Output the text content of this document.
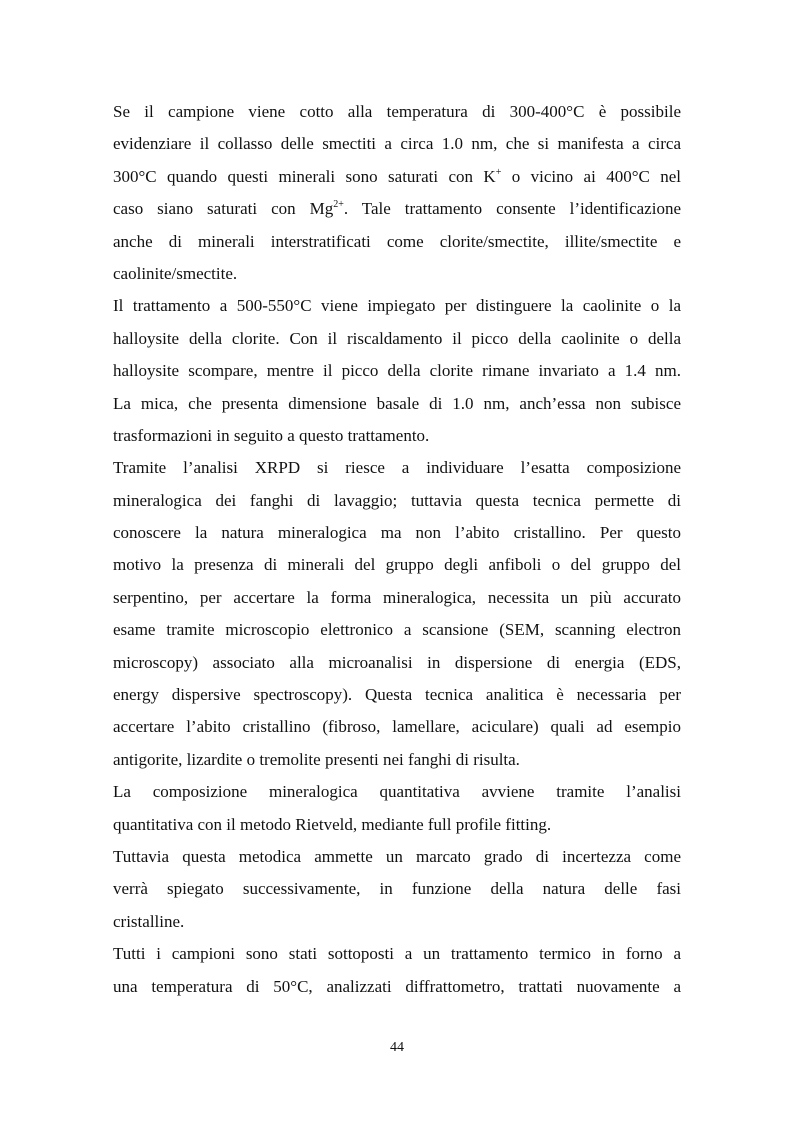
Se il campione viene cotto alla temperatura di 300-400°C è possibile
evidenziare il collasso delle smectiti a circa 1.0 nm, che si manifesta a circa
300°C quando questi minerali sono saturati con K+ o vicino ai 400°C nel
caso siano saturati con $Mg^{2+}$. Tale trattamento consente l’identificazione
anche di minerali interstratificati come clorite/smectite, illite/smectite e
caolinite/smectite.
Il trattamento a 500-550°C viene impiegato per distinguere la caolinite o la
halloysite della clorite. Con il riscaldamento il picco della caolinite o della
halloysite scompare, mentre il picco della clorite rimane invariato a 1.4 nm.
La mica, che presenta dimensione basale di 1.0 nm, anch’essa non subisce
trasformazioni in seguito a questo trattamento.
Tramite l’analisi XRPD si riesce a individuare l’esatta composizione
mineralogica dei fanghi di lavaggio; tuttavia questa tecnica permette di
conoscere la natura mineralogica ma non l’abito cristallino. Per questo
motivo la presenza di minerali del gruppo degli anfiboli o del gruppo del
serpentino, per accertare la forma mineralogica, necessita un più accurato
esame tramite microscopio elettronico a scansione (SEM, scanning electron
microscopy) associato alla microanalisi in dispersione di energia (EDS,
energy dispersive spectroscopy). Questa tecnica analitica è necessaria per
accertare l’abito cristallino (fibroso, lamellare, aciculare) quali ad esempio
antigorite, lizardite o tremolite presenti nei fanghi di risulta.
La composizione mineralogica quantitativa avviene tramite l’analisi
quantitativa con il metodo Rietveld, mediante full profile fitting.
Tuttavia questa metodica ammette un marcato grado di incertezza come
verrà spiegato successivamente, in funzione della natura delle fasi
cristalline.
Tutti i campioni sono stati sottoposti a un trattamento termico in forno a
una temperatura di 50°C, analizzati diffrattometro, trattati nuovamente a
44
